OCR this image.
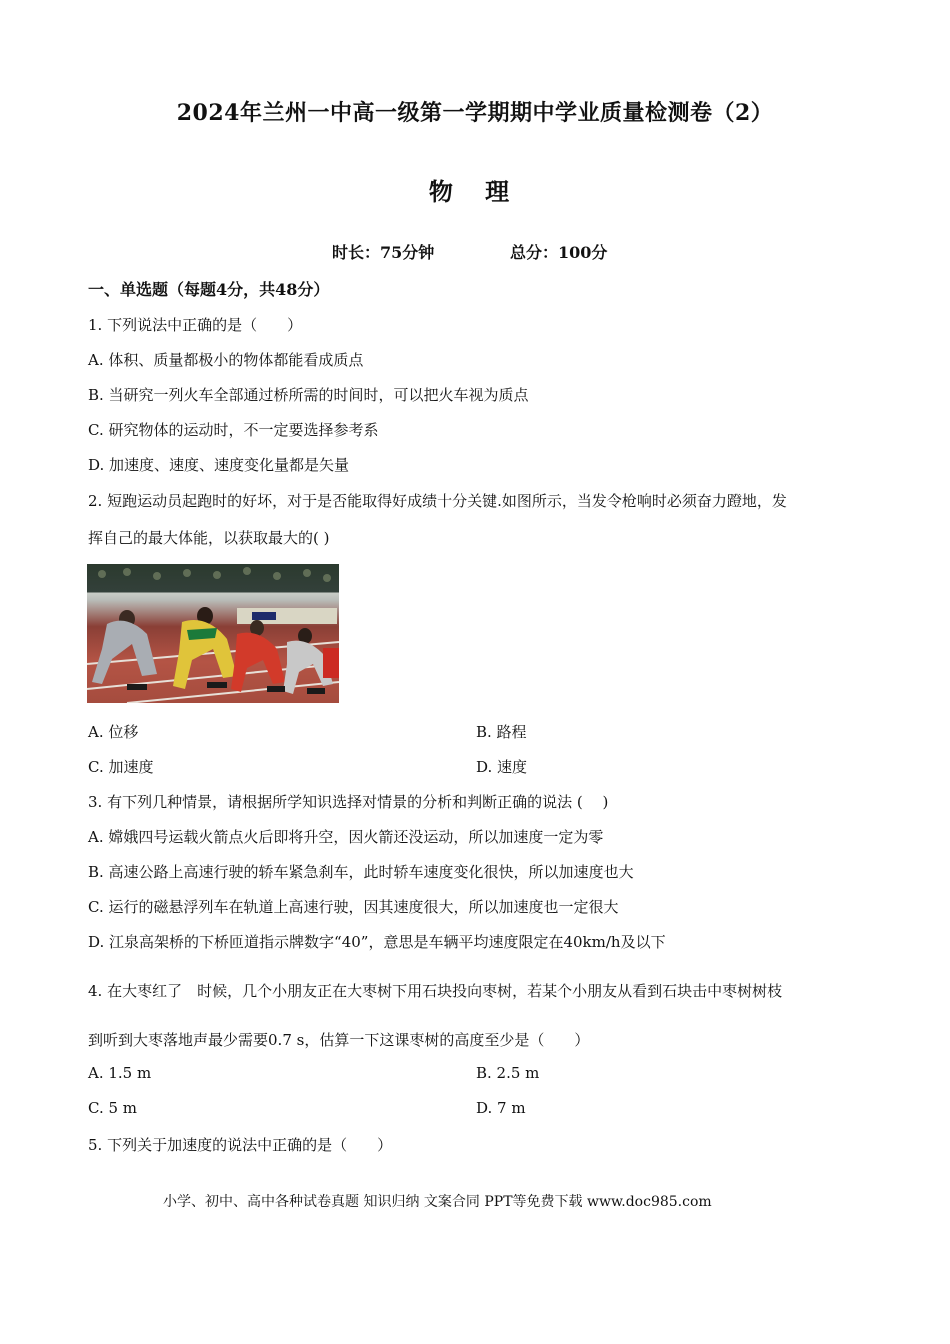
2024年兰州一中高一级第一学期期中学业质量检测卷（2）
物 理
时长：75分钟	总分：100分
一、单选题（每题4分，共48分）
1. 下列说法中正确的是（　　）
A. 体积、质量都极小的物体都能看成质点
B. 当研究一列火车全部通过桥所需的时间时，可以把火车视为质点
C. 研究物体的运动时，不一定要选择参考系
D. 加速度、速度、速度变化量都是矢量
2. 短跑运动员起跑时的好坏，对于是否能取得好成绩十分关键.如图所示，当发令枪响时必须奋力蹬地，发
挥自己的最大体能，以获取最大的( )
A. 位移	B. 路程
C. 加速度	D. 速度
3. 有下列几种情景，请根据所学知识选择对情景的分析和判断正确的说法 (　 )
A. 嫦娥四号运载火箭点火后即将升空，因火箭还没运动，所以加速度一定为零
B. 高速公路上高速行驶的轿车紧急刹车，此时轿车速度变化很快，所以加速度也大
C. 运行的磁悬浮列车在轨道上高速行驶，因其速度很大，所以加速度也一定很大
D. 江泉高架桥的下桥匝道指示牌数字“40”，意思是车辆平均速度限定在40km/h及以下
4. 在大枣红了　时候，几个小朋友正在大枣树下用石块投向枣树，若某个小朋友从看到石块击中枣树树枝
到听到大枣落地声最少需要0.7 s，估算一下这课枣树的高度至少是（　　）
A. 1.5 m	B. 2.5 m
C. 5 m	D. 7 m
5. 下列关于加速度的说法中正确的是（　　）
小学、初中、高中各种试卷真题 知识归纳 文案合同 PPT等免费下载 www.doc985.com
